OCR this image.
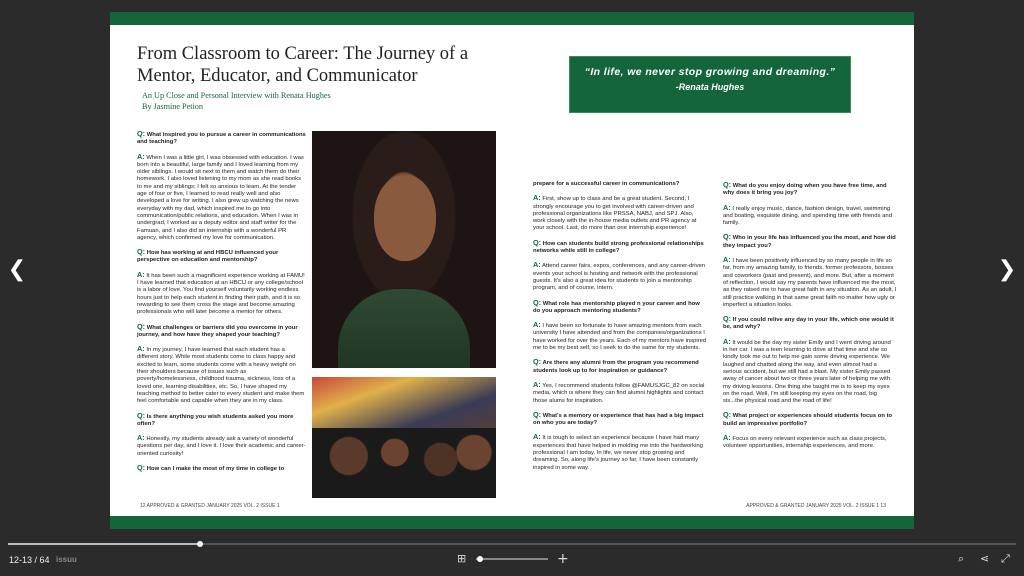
❮	❯
From Classroom to Career: The Journey of a Mentor, Educator, and Communicator
An Up Close and Personal Interview with Renata Hughes
By Jasmine Petion

Q: What inspired you to pursue a career in communications and teaching?

A: When I was a little girl, I was obsessed with education. I was born into a beautiful, large family and I loved learning from my older siblings. I would sit next to them and watch them do their homework. I also loved listening to my mom as she read books to me and my siblings; I felt so anxious to learn. At the tender age of four or five, I learned to read really well and also developed a love for writing. I also grew up watching the news everyday with my dad, which inspired me to go into communication/public relations, and education. When I was in undergrad, I worked as a deputy editor and staff writer for the Famuan, and I also did an internship with a wonderful PR agency, which confirmed my love for communication.

Q: How has working at and HBCU influenced your perspective on education and mentorship?

A: It has been such a magnificent experience working at FAMU! I have learned that education at an HBCU or any college/school is a labor of love. You find yourself voluntarily working endless hours just to help each student in finding their path, and it is so rewarding to see them cross the stage and become amazing professionals who will later become a mentor for others.

Q: What challenges or barriers did you overcome in your journey, and how have they shaped your teaching?

A: In my journey, I have learned that each student has a different story. While most students come to class happy and excited to learn, some students come with a heavy weight on their shoulders because of issues such as poverty/homelessness, childhood trauma, sickness, loss of a loved one, learning disabilities, etc. So, I have shaped my teaching method to better cater to every student and make them feel comfortable and capable when they are in my class.

Q: Is there anything you wish students asked you more often?

A: Honestly, my students already ask a variety of wonderful questions per day, and I love it. I love their academic and career-oriented curiosity!

Q: How can I make the most of my time in college to

12 APPROVED & GRANTED JANUARY 2025 VOL. 2 ISSUE 1
“In life, we never stop growing and dreaming.”
-Renata Hughes

prepare for a successful career in communications?

A: First, show up to class and be a great student. Second, I strongly encourage you to get involved with career-driven and professional organizations like PRSSA, NABJ, and SPJ. Also, work closely with the in-house media outlets and PR agency at your school. Last, do more than one internship experience!

Q: How can students build strong professional relationships networks while still in college?

A: Attend career fairs, expos, conferences, and any career-driven events your school is hosting and network with the professional guests. It's also a great idea for students to join a mentorship program, and of course, intern.

Q: What role has mentorship played n your career and how do you approach mentoring students?

A: I have been so fortunate to have amazing mentors from each university I have attended and from the companies/organizations I have worked for over the years. Each of my mentors have inspired me to be my best self, so I seek to do the same for my students.

Q: Are there any alumni from the program you recommend students look up to for inspiration or guidance?

A: Yes, I recommend students follow @FAMUSJGC_82 on social media, which is where they can find alumni highlights and contact those alums for inspiration.

Q: What's a memory or experience that has had a big impact on who you are today?

A: It is tough to select an experience because I have had many experiences that have helped in molding me into the hardworking professional I am today. In life, we never stop growing and dreaming. So, along life's journey so far, I have been constantly inspired in some way.

Q: What do you enjoy doing when you have free time, and why does it bring you joy?

A: I really enjoy music, dance, fashion design, travel, swimming and boating, exquisite dining, and spending time with friends and family.

Q: Who in your life has influenced you the most, and how did they impact you?

A: I have been positively influenced by so many people in life so far, from my amazing family, to friends, former professors, bosses and coworkers (past and present), and more. But, after a moment of reflection, I would say my parents have influenced me the most, as they raised me to have great faith in any situation. As an adult, I still practice walking in that same great faith no matter how ugly or imperfect a situation looks.

Q: If you could relive any day in your life, which one would it be, and why?

A: It would be the day my sister Emily and I went driving around in her car. I was a teen learning to drive at that time and she so kindly took me out to help me gain some driving experience. We laughed and chatted along the way, and even almost had a serious accident, but we still had a blast. My sister Emily passed away of cancer about two or three years later of helping me with my driving lessons. One thing she taught me is to keep my eyes on the road. Well, I'm still keeping my eyes on the road, big sis...the physical road and the road of life!

Q: What project or experiences should students focus on to build an impressive portfolio?

A: Focus on every relevant experience such as class projects, volunteer opportunities, internship experiences, and more.

APPROVED & GRANTED JANUARY 2025 VOL. 2 ISSUE 1 13
12-13 / 64 issuu	⊞	+	⌕ ⋖ ⤢
